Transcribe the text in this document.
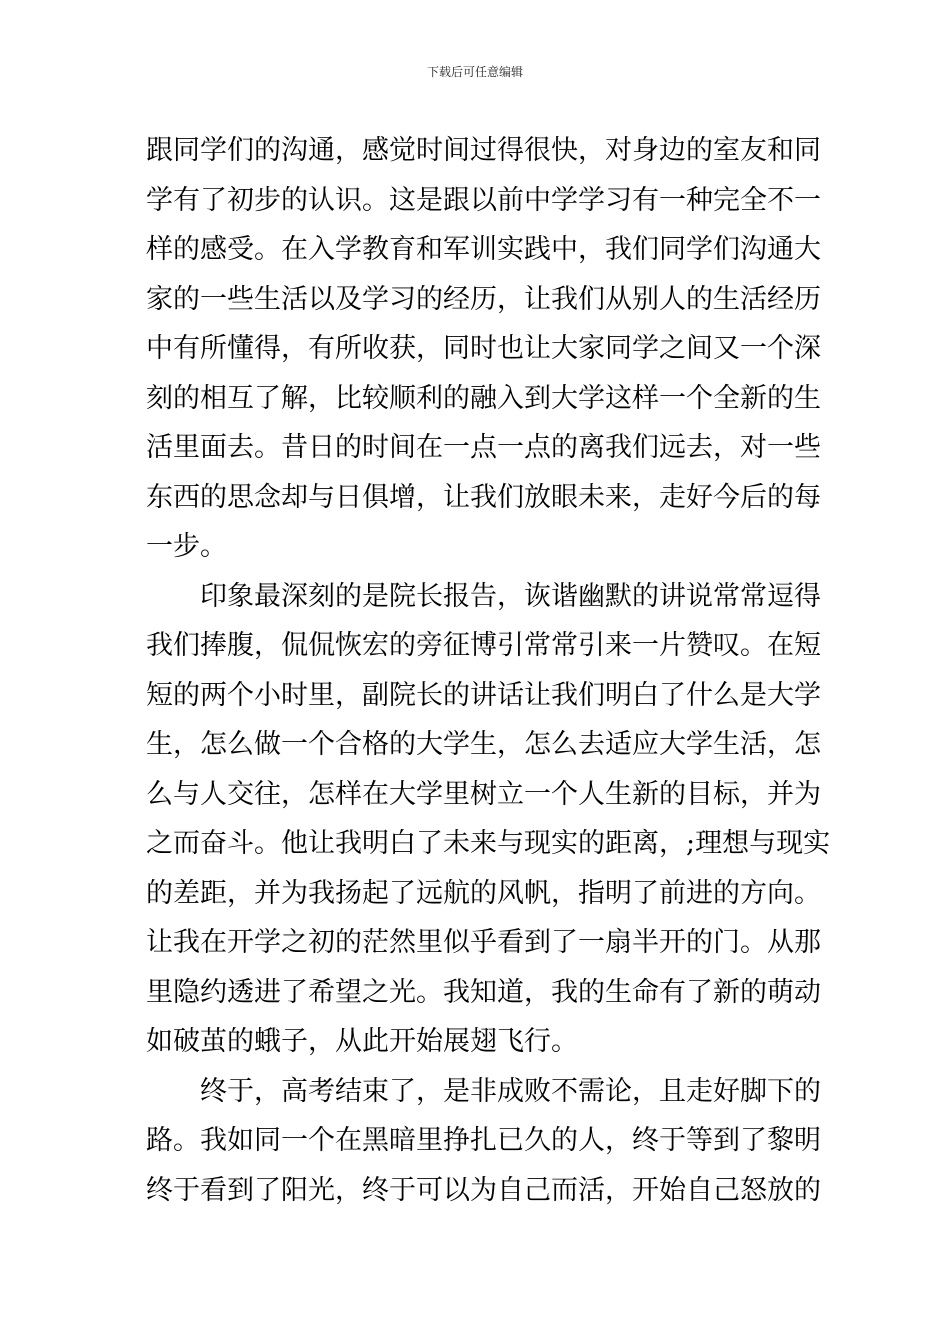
下载后可任意编辑
跟同学们的沟通，感觉时间过得很快，对身边的室友和同
学有了初步的认识。这是跟以前中学学习有一种完全不一
样的感受。在入学教育和军训实践中，我们同学们沟通大
家的一些生活以及学习的经历，让我们从别人的生活经历
中有所懂得，有所收获，同时也让大家同学之间又一个深
刻的相互了解，比较顺利的融入到大学这样一个全新的生
活里面去。昔日的时间在一点一点的离我们远去，对一些
东西的思念却与日俱增，让我们放眼未来，走好今后的每
一步。
印象最深刻的是院长报告，诙谐幽默的讲说常常逗得
我们捧腹，侃侃恢宏的旁征博引常常引来一片赞叹。在短
短的两个小时里，副院长的讲话让我们明白了什么是大学
生，怎么做一个合格的大学生，怎么去适应大学生活，怎
么与人交往，怎样在大学里树立一个人生新的目标，并为
之而奋斗。他让我明白了未来与现实的距离，;理想与现实
的差距，并为我扬起了远航的风帆，指明了前进的方向。
让我在开学之初的茫然里似乎看到了一扇半开的门。从那
里隐约透进了希望之光。我知道，我的生命有了新的萌动
如破茧的蛾子，从此开始展翅飞行。
终于，高考结束了，是非成败不需论，且走好脚下的
路。我如同一个在黑暗里挣扎已久的人，终于等到了黎明
终于看到了阳光，终于可以为自己而活，开始自己怒放的
